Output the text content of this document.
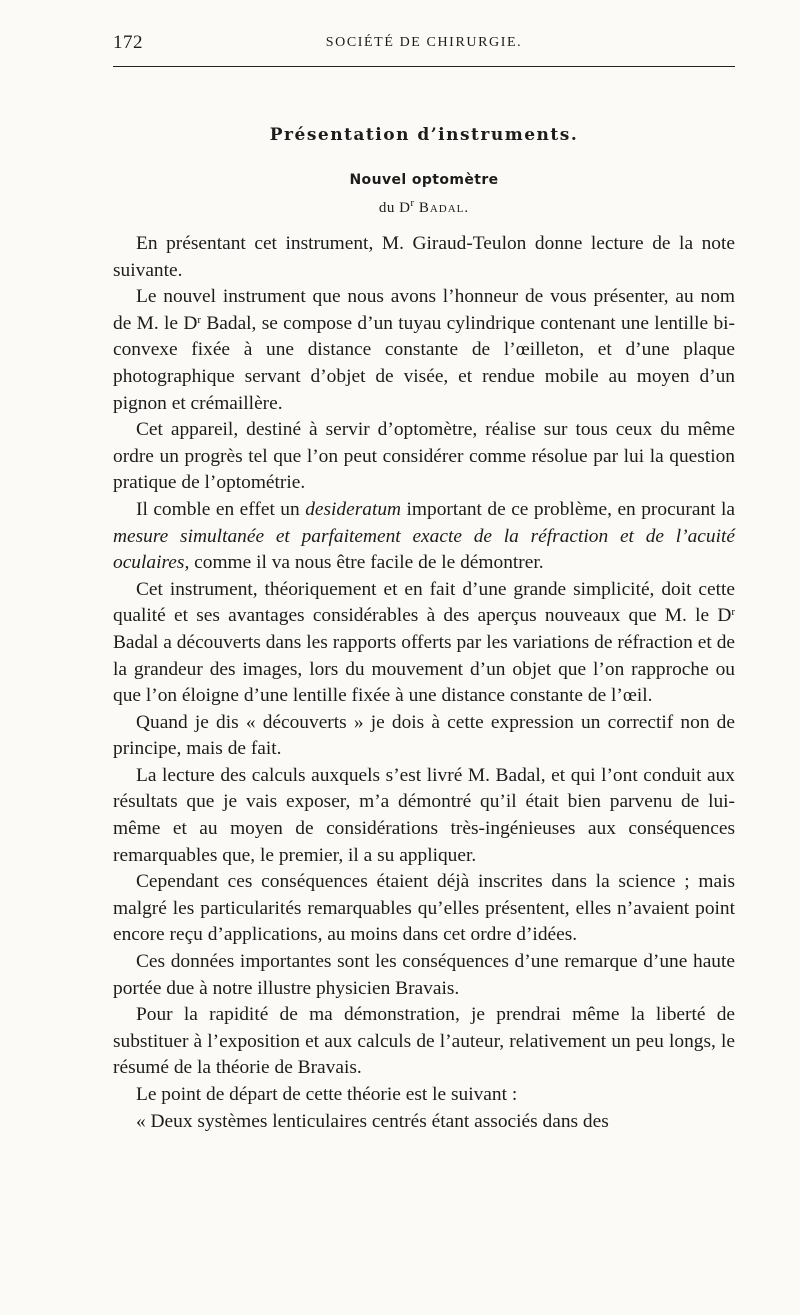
172	SOCIÉTÉ DE CHIRURGIE.
Présentation d’instruments.
Nouvel optomètre
du $D^r$ Badal.

En présentant cet instrument, M. Giraud-Teulon donne lecture de la note suivante.

Le nouvel instrument que nous avons l’honneur de vous présenter, au nom de M. le $D^r$ Badal, se compose d’un tuyau cylindrique contenant une lentille bi-convexe fixée à une distance constante de l’œilleton, et d’une plaque photographique servant d’objet de visée, et rendue mobile au moyen d’un pignon et crémaillère.

Cet appareil, destiné à servir d’optomètre, réalise sur tous ceux du même ordre un progrès tel que l’on peut considérer comme résolue par lui la question pratique de l’optométrie.

Il comble en effet un desideratum important de ce problème, en procurant la mesure simultanée et parfaitement exacte de la réfraction et de l’acuité oculaires, comme il va nous être facile de le démontrer.

Cet instrument, théoriquement et en fait d’une grande simplicité, doit cette qualité et ses avantages considérables à des aperçus nouveaux que M. le $D^r$ Badal a découverts dans les rapports offerts par les variations de réfraction et de la grandeur des images, lors du mouvement d’un objet que l’on rapproche ou que l’on éloigne d’une lentille fixée à une distance constante de l’œil.

Quand je dis « découverts » je dois à cette expression un correctif non de principe, mais de fait.

La lecture des calculs auxquels s’est livré M. Badal, et qui l’ont conduit aux résultats que je vais exposer, m’a démontré qu’il était bien parvenu de lui-même et au moyen de considérations très-ingénieuses aux conséquences remarquables que, le premier, il a su appliquer.

Cependant ces conséquences étaient déjà inscrites dans la science ; mais malgré les particularités remarquables qu’elles présentent, elles n’avaient point encore reçu d’applications, au moins dans cet ordre d’idées.

Ces données importantes sont les conséquences d’une remarque d’une haute portée due à notre illustre physicien Bravais.

Pour la rapidité de ma démonstration, je prendrai même la liberté de substituer à l’exposition et aux calculs de l’auteur, relativement un peu longs, le résumé de la théorie de Bravais.

Le point de départ de cette théorie est le suivant :

« Deux systèmes lenticulaires centrés étant associés dans des
